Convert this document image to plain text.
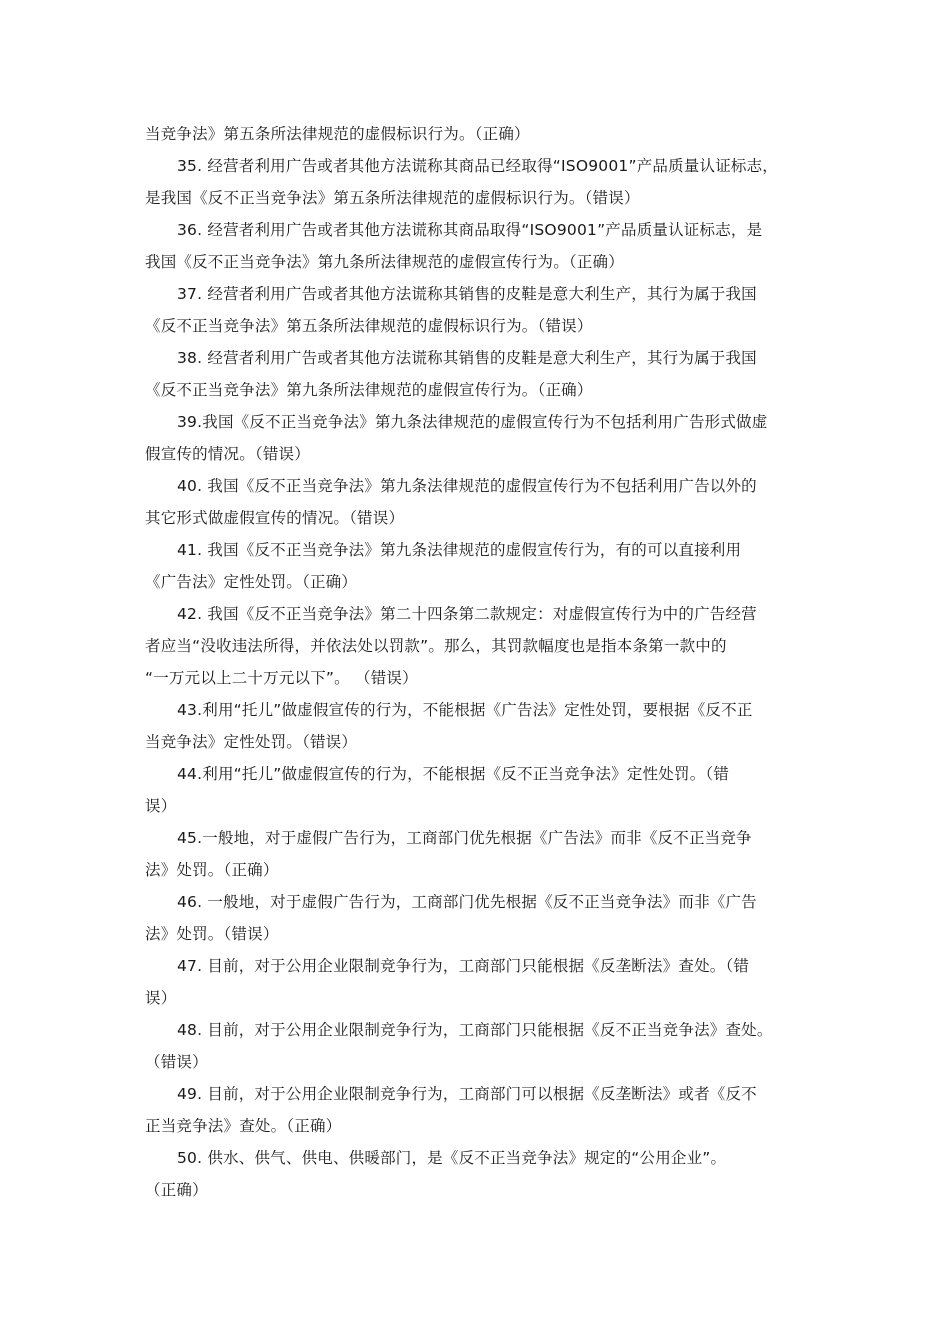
当竞争法》第五条所法律规范的虚假标识行为。（正确）
35. 经营者利用广告或者其他方法谎称其商品已经取得“ISO9001”产品质量认证标志，
是我国《反不正当竞争法》第五条所法律规范的虚假标识行为。（错误）
36. 经营者利用广告或者其他方法谎称其商品取得“ISO9001”产品质量认证标志，是
我国《反不正当竞争法》第九条所法律规范的虚假宣传行为。（正确）
37. 经营者利用广告或者其他方法谎称其销售的皮鞋是意大利生产，其行为属于我国
《反不正当竞争法》第五条所法律规范的虚假标识行为。（错误）
38. 经营者利用广告或者其他方法谎称其销售的皮鞋是意大利生产，其行为属于我国
《反不正当竞争法》第九条所法律规范的虚假宣传行为。（正确）
39.我国《反不正当竞争法》第九条法律规范的虚假宣传行为不包括利用广告形式做虚
假宣传的情况。（错误）
40. 我国《反不正当竞争法》第九条法律规范的虚假宣传行为不包括利用广告以外的
其它形式做虚假宣传的情况。（错误）
41. 我国《反不正当竞争法》第九条法律规范的虚假宣传行为，有的可以直接利用
《广告法》定性处罚。（正确）
42. 我国《反不正当竞争法》第二十四条第二款规定：对虚假宣传行为中的广告经营
者应当“没收违法所得，并依法处以罚款”。那么，其罚款幅度也是指本条第一款中的
“一万元以上二十万元以下”。 （错误）
43.利用“托儿”做虚假宣传的行为，不能根据《广告法》定性处罚，要根据《反不正
当竞争法》定性处罚。（错误）
44.利用“托儿”做虚假宣传的行为，不能根据《反不正当竞争法》定性处罚。（错
误）
45.一般地，对于虚假广告行为，工商部门优先根据《广告法》而非《反不正当竞争
法》处罚。（正确）
46. 一般地，对于虚假广告行为，工商部门优先根据《反不正当竞争法》而非《广告
法》处罚。（错误）
47. 目前，对于公用企业限制竞争行为，工商部门只能根据《反垄断法》查处。（错
误）
48. 目前，对于公用企业限制竞争行为，工商部门只能根据《反不正当竞争法》查处。
（错误）
49. 目前，对于公用企业限制竞争行为，工商部门可以根据《反垄断法》或者《反不
正当竞争法》查处。（正确）
50. 供水、供气、供电、供暖部门，是《反不正当竞争法》规定的“公用企业”。
（正确）
